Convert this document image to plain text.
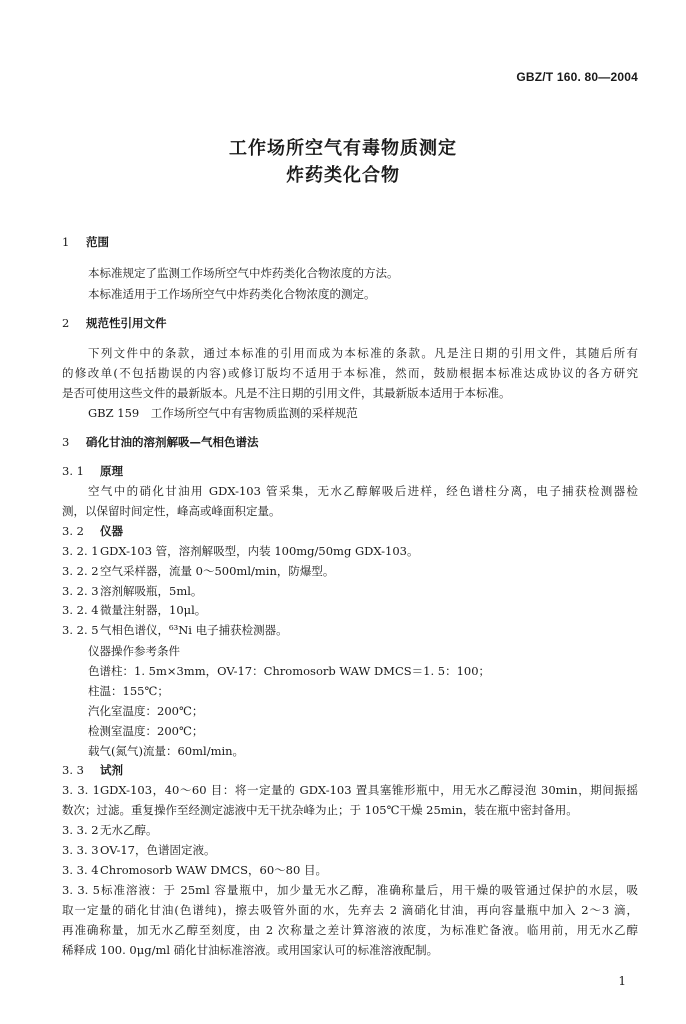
GBZ/T 160. 80—2004
工作场所空气有毒物质测定
炸药类化合物
1 范围
本标准规定了监测工作场所空气中炸药类化合物浓度的方法。
本标准适用于工作场所空气中炸药类化合物浓度的测定。
2 规范性引用文件
下列文件中的条款，通过本标准的引用而成为本标准的条款。凡是注日期的引用文件，其随后所有
的修改单(不包括勘误的内容)或修订版均不适用于本标准，然而，鼓励根据本标准达成协议的各方研究
是否可使用这些文件的最新版本。凡是不注日期的引用文件，其最新版本适用于本标准。
GBZ 159　工作场所空气中有害物质监测的采样规范
3 硝化甘油的溶剂解吸—气相色谱法
3. 1 原理
空气中的硝化甘油用 GDX-103 管采集，无水乙醇解吸后进样，经色谱柱分离，电子捕获检测器检
测，以保留时间定性，峰高或峰面积定量。
3. 2 仪器
3. 2. 1GDX-103 管，溶剂解吸型，内装 100mg/50mg GDX-103。
3. 2. 2空气采样器，流量 0～500ml/min，防爆型。
3. 2. 3溶剂解吸瓶，5ml。
3. 2. 4微量注射器，10μl。
3. 2. 5气相色谱仪，⁶³Ni 电子捕获检测器。
仪器操作参考条件
色谱柱：1. 5m×3mm，OV-17：Chromosorb WAW DMCS＝1. 5：100；
柱温：155℃；
汽化室温度：200℃；
检测室温度：200℃；
载气(氮气)流量：60ml/min。
3. 3 试剂
3. 3. 1GDX-103，40～60 目：将一定量的 GDX-103 置具塞锥形瓶中，用无水乙醇浸泡 30min，期间振摇
数次；过滤。重复操作至经测定滤液中无干扰杂峰为止；于 105℃干燥 25min，装在瓶中密封备用。
3. 3. 2无水乙醇。
3. 3. 3OV-17，色谱固定液。
3. 3. 4Chromosorb WAW DMCS，60～80 目。
3. 3. 5标准溶液：于 25ml 容量瓶中，加少量无水乙醇，准确称量后，用干燥的吸管通过保护的水层，吸
取一定量的硝化甘油(色谱纯)，擦去吸管外面的水，先弃去 2 滴硝化甘油，再向容量瓶中加入 2～3 滴，
再准确称量，加无水乙醇至刻度，由 2 次称量之差计算溶液的浓度，为标准贮备液。临用前，用无水乙醇
稀释成 100. 0μg/ml 硝化甘油标准溶液。或用国家认可的标准溶液配制。
1
